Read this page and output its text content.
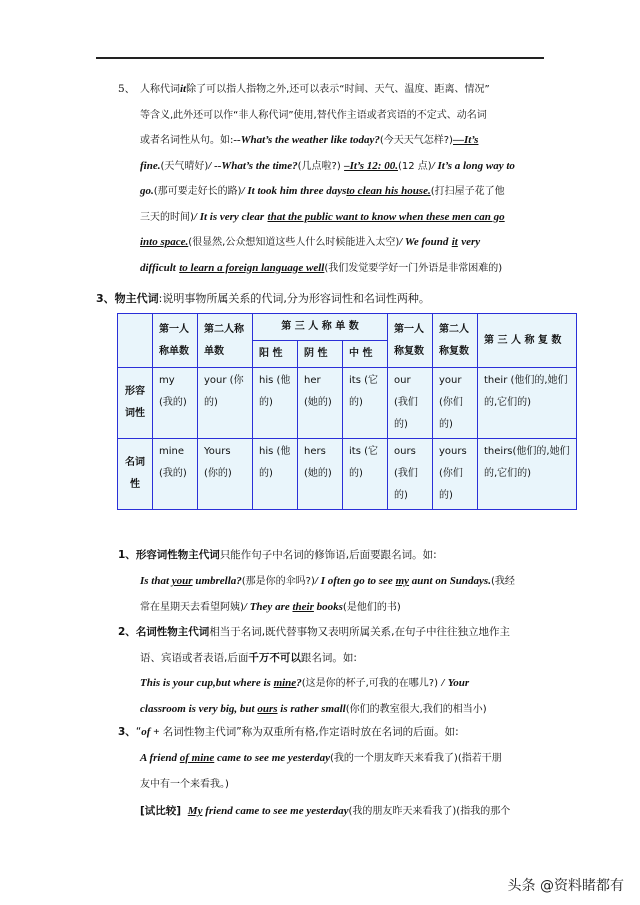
5、 人称代词it除了可以指人指物之外,还可以表示“时间、天气、温度、距离、情况”
等含义,此外还可以作“非人称代词”使用,替代作主语或者宾语的不定式、动名词
或者名词性从句。如:--What’s the weather like today?(今天天气怎样?)—It’s
fine.(天气晴好)/ --What’s the time?(几点啦?) –It’s 12: 00.(12 点)/ It’s a long way to
go.(那可要走好长的路)/ It took him three daysto clean his house.(打扫屋子花了他
三天的时间)/ It is very clear that the public want to know when these men can go
into space.(很显然,公众想知道这些人什么时候能进入太空)/ We found it very
difficult to learn a foreign language well(我们发觉要学好一门外语是非常困难的)
3、物主代词:说明事物所属关系的代词,分为形容词性和名词性两种。
	第一人称单数	第二人称单数	第 三 人 称 单 数			第一人称复数	第二人称复数	第 三 人 称 复 数
			阳 性	阴 性	中 性			
形容词性	my (我的)	your (你的)	his (他的)	her (她的)	its (它的)	our (我们的)	your (你们的)	their (他们的,她们的,它们的)
名词性	mine (我的)	Yours (你的)	his (他的)	hers (她的)	its (它的)	ours (我们的)	yours (你们的)	theirs(他们的,她们的,它们的)
1、形容词性物主代词只能作句子中名词的修饰语,后面要跟名词。如:
Is that your umbrella?(那是你的伞吗?)/ I often go to see my aunt on Sundays.(我经
常在星期天去看望阿姨)/ They are their books(是他们的书)
2、名词性物主代词相当于名词,既代替事物又表明所属关系,在句子中往往独立地作主
语、宾语或者表语,后面千万不可以跟名词。如:
This is your cup,but where is mine?(这是你的杯子,可我的在哪儿?) / Your
classroom is very big, but ours is rather small(你们的教室很大,我们的相当小)
3、“of + 名词性物主代词”称为双重所有格,作定语时放在名词的后面。如:
A friend of mine came to see me yesterday(我的一个朋友昨天来看我了)(指若干朋
友中有一个来看我。)
[试比较] My friend came to see me yesterday(我的朋友昨天来看我了)(指我的那个
头条 @资料睹都有
